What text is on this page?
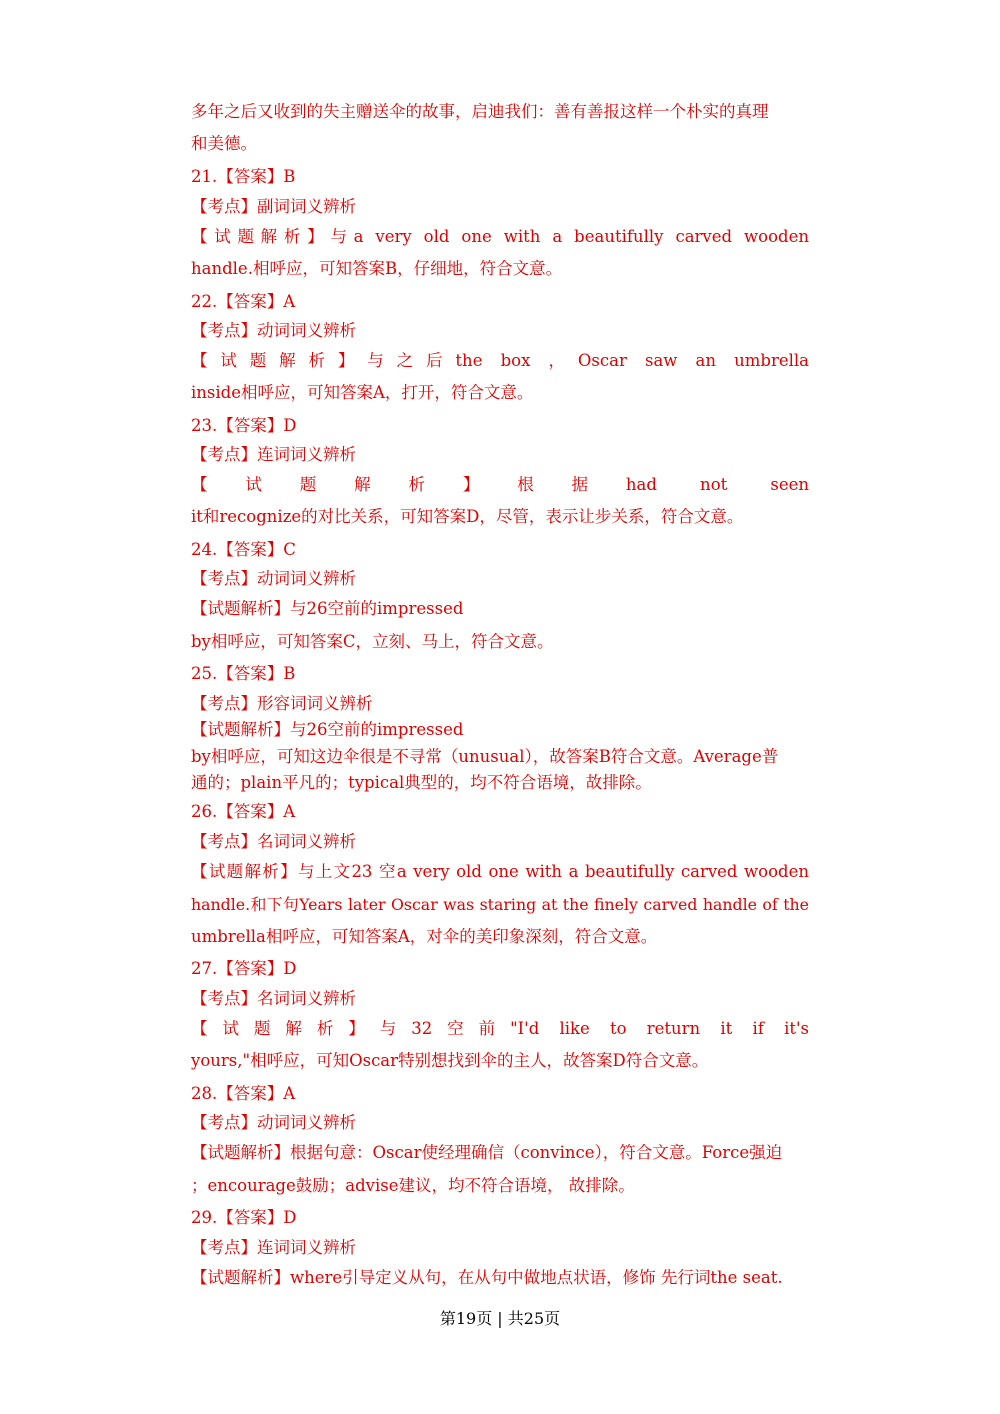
多年之后又收到的失主赠送伞的故事，启迪我们：善有善报这样一个朴实的真理

和美德。

21.【答案】B

【考点】副词词义辨析

【试题解析】与a very old one with a beautifully carved wooden

handle.相呼应，可知答案B，仔细地，符合文意。

22.【答案】A

【考点】动词词义辨析

【试题解析】与之后the box ，Oscar saw an umbrella

inside相呼应，可知答案A，打开，符合文意。

23.【答案】D

【考点】连词词义辨析

【试题解析】根据had not seen

it和recognize的对比关系，可知答案D，尽管，表示让步关系，符合文意。

24.【答案】C

【考点】动词词义辨析

【试题解析】与26空前的impressed

by相呼应，可知答案C，立刻、马上，符合文意。

25.【答案】B

【考点】形容词词义辨析

【试题解析】与26空前的impressed

by相呼应，可知这边伞很是不寻常（unusual），故答案B符合文意。Average普

通的；plain平凡的；typical典型的，均不符合语境，故排除。

26.【答案】A

【考点】名词词义辨析

【试题解析】与上文23 空a very old one with a beautifully carved wooden

handle.和下句Years later Oscar was staring at the finely carved handle of the

umbrella相呼应，可知答案A，对伞的美印象深刻，符合文意。

27.【答案】D

【考点】名词词义辨析

【试题解析】与32空前"I'd like to return it if it's

yours,"相呼应，可知Oscar特别想找到伞的主人，故答案D符合文意。

28.【答案】A

【考点】动词词义辨析

【试题解析】根据句意：Oscar使经理确信（convince），符合文意。Force强迫

；encourage鼓励；advise建议，均不符合语境， 故排除。

29.【答案】D

【考点】连词词义辨析

【试题解析】where引导定义从句，在从句中做地点状语，修饰 先行词the seat.

第19页 | 共25页
